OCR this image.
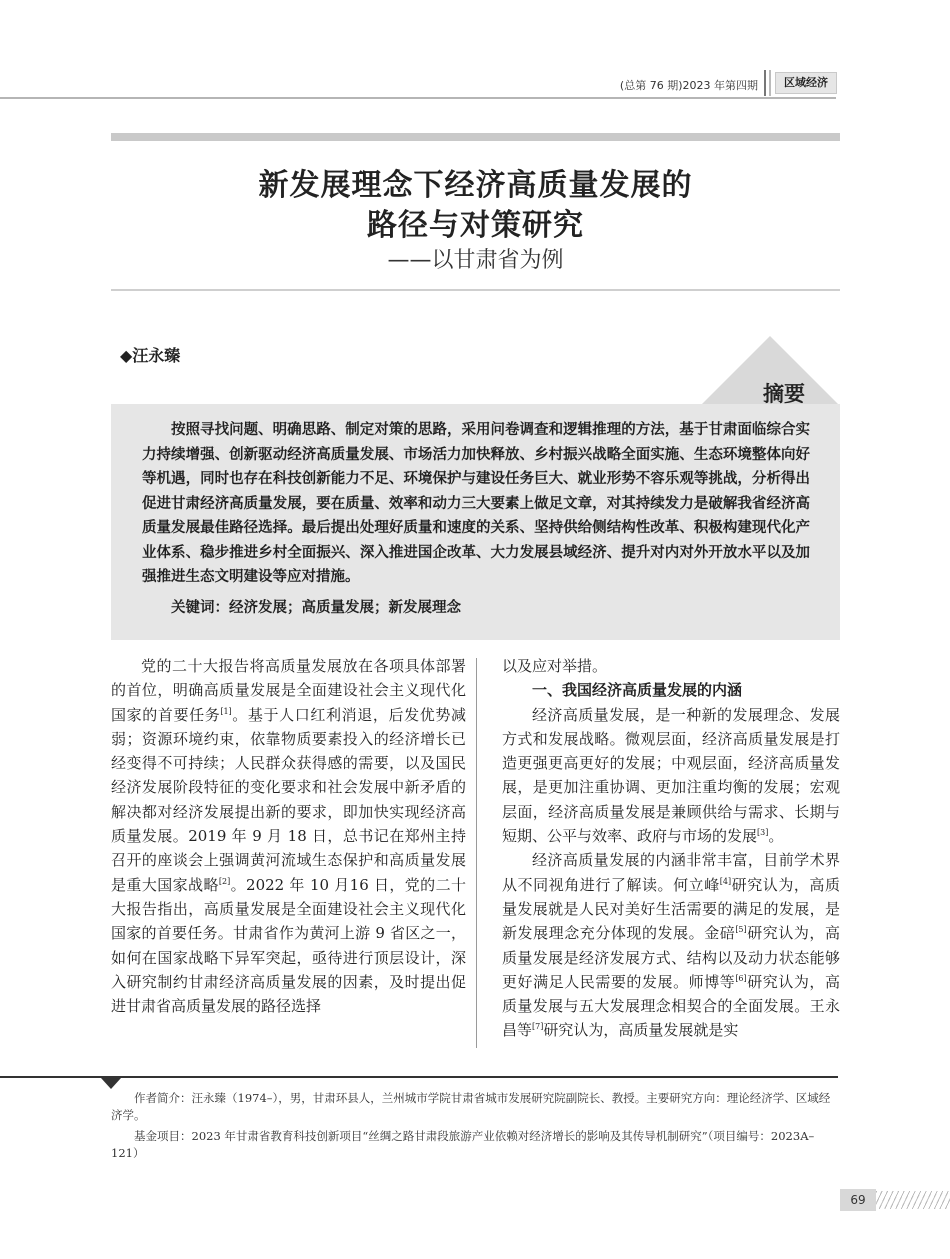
(总第 76 期)2023 年第四期	区域经济
新发展理念下经济高质量发展的
路径与对策研究
——以甘肃省为例
◆汪永臻
摘要
按照寻找问题、明确思路、制定对策的思路，采用问卷调查和逻辑推理的方法，基于甘肃面临综合实力持续增强、创新驱动经济高质量发展、市场活力加快释放、乡村振兴战略全面实施、生态环境整体向好等机遇，同时也存在科技创新能力不足、环境保护与建设任务巨大、就业形势不容乐观等挑战，分析得出促进甘肃经济高质量发展，要在质量、效率和动力三大要素上做足文章，对其持续发力是破解我省经济高质量发展最佳路径选择。最后提出处理好质量和速度的关系、坚持供给侧结构性改革、积极构建现代化产业体系、稳步推进乡村全面振兴、深入推进国企改革、大力发展县域经济、提升对内对外开放水平以及加强推进生态文明建设等应对措施。
关键词：经济发展；高质量发展；新发展理念

党的二十大报告将高质量发展放在各项具体部署的首位，明确高质量发展是全面建设社会主义现代化国家的首要任务[1]。基于人口红利消退，后发优势减弱；资源环境约束，依靠物质要素投入的经济增长已经变得不可持续；人民群众获得感的需要，以及国民经济发展阶段特征的变化要求和社会发展中新矛盾的解决都对经济发展提出新的要求，即加快实现经济高质量发展。2019 年 9 月 18 日，总书记在郑州主持召开的座谈会上强调黄河流域生态保护和高质量发展是重大国家战略[2]。2022 年 10 月16 日，党的二十大报告指出，高质量发展是全面建设社会主义现代化国家的首要任务。甘肃省作为黄河上游 9 省区之一，如何在国家战略下异军突起，亟待进行顶层设计，深入研究制约甘肃经济高质量发展的因素，及时提出促进甘肃省高质量发展的路径选择

以及应对举措。

一、我国经济高质量发展的内涵

经济高质量发展，是一种新的发展理念、发展方式和发展战略。微观层面，经济高质量发展是打造更强更高更好的发展；中观层面，经济高质量发展，是更加注重协调、更加注重均衡的发展；宏观层面，经济高质量发展是兼顾供给与需求、长期与短期、公平与效率、政府与市场的发展[3]。

经济高质量发展的内涵非常丰富，目前学术界从不同视角进行了解读。何立峰[4]研究认为，高质量发展就是人民对美好生活需要的满足的发展，是新发展理念充分体现的发展。金碚[5]研究认为，高质量发展是经济发展方式、结构以及动力状态能够更好满足人民需要的发展。师博等[6]研究认为，高质量发展与五大发展理念相契合的全面发展。王永昌等[7]研究认为，高质量发展就是实

作者简介：汪永臻（1974–），男，甘肃环县人，兰州城市学院甘肃省城市发展研究院副院长、教授。主要研究方向：理论经济学、区域经济学。
基金项目：2023 年甘肃省教育科技创新项目“丝绸之路甘肃段旅游产业依赖对经济增长的影响及其传导机制研究”（项目编号：2023A–121）
69
